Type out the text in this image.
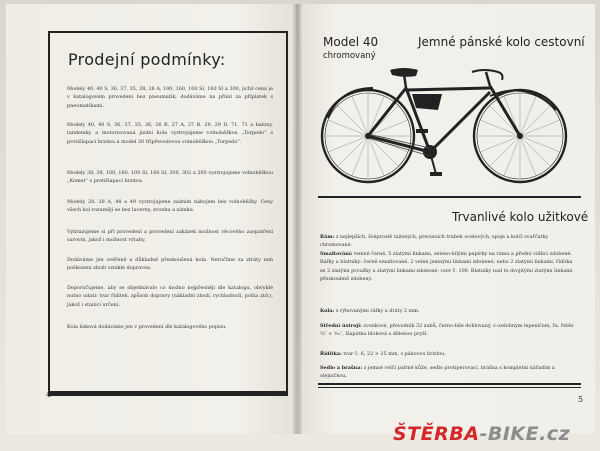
Prodejní podmínky:
Modely 40, 40 S, 36, 37, 35, 28, 28 A, 100, 160, 100 Sl, 160 Sl a 300, jichž cena je v katalogovém provedení bez pneumatik, dodáváme na přání za příplatek s pneumatikami.
Modely 40, 40 S, 36, 37, 35, 26, 26 B, 27 A, 27 B, 29, 29 D, 71, 71 a balony, tandemky a motorisovaná jízdní kola vystrojujeme volnoběžkou „Torpedo“ s protišlapací brzdou a model 30 třípřevodovou volnoběžkou „Torpedo“.
Modely 38, 39, 100, 160, 100 Sl, 160 Sl, 300, 302 a 260 vystrojujeme volnoběžkou „Komet“ s protišlapací brzdou.
Modely 28, 28 A, 48 a 49 vystrojujeme zadním nábojem bez volnoběžky. Ceny všech kol rozumějí se bez lucerny, zvonku a zámku.
Vyhrazujeme si při provedení a provedení zakázek možnost věcového zaopatření surovin, jakož i možnost výtahy.
Dodáváme jen ověřeně a důkladně přezkoušená kola. Neručíme za ztráty neb poškození zboží vzniklé dopravou.
Doporučujeme, aby se objednávalo co možno nejpřesněji dle katalogu, obvyklé nutno udati: tvar řídítek, způsob dopravy (nákladní zboží, rychlozboží, pošta atd.), jakož i stanici určení.
Kola lisková dodáváme jen v provedení dle katalogového popisu.
4
Model 40
chromovaný
Jemné pánské kolo cestovní
Trvanlivé kolo užitkové
Rám: z nejlepších, švéprostě tažených, precisních trubek ocelových, spoje a kolčí svařčatky chromované.
Smaltování: temně černé, 5 zlatými linkami, zeleno-bílými papírky na rámu a přední vidlici zdobené. Ráfky a blatníky: černě smaltované, 2 velmi jemnými linkami zdobené; nebo 2 zlatými linkami, řídítka se 2 zlatými proužky a zlatými linkami zdobené; vzor č. 100. Blatníky nad to dvojitými zlatými linkami přeskoubně zdobeny.
Kola: s rýhovanými ráfky a dráty 2 mm.
Střední ústrojí: zvonkové, převodník 32 zubů, černo-bíle dohlovaný, s ozdobným lepeničem, řa. řetěz ½″ × ³⁄₁₆″, šlapátka bloková s dělenou pryží.
Řídítka: tvar č. 6, 22 × 25 mm, s pákovou brzdou.
Sedlo a brašna: z jemné velčí jadrné kůže, sedlo protiperovací, brašna s kompletní nářadím a olejničkou.
5
ŠTĚRBA-BIKE.cz
